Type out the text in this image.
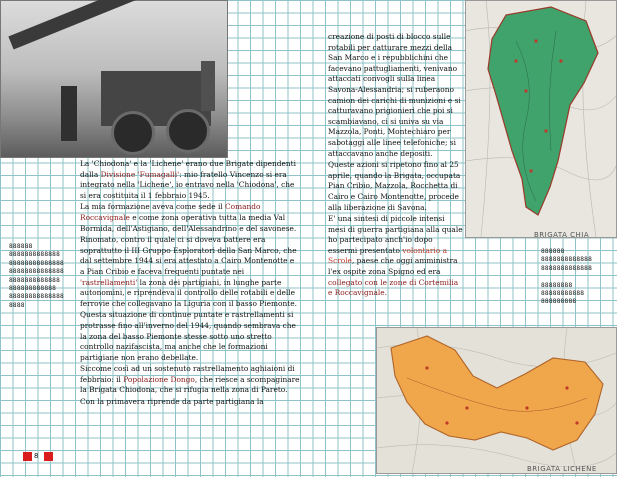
BRIGATA CHIA
BRIGATA LICHENE

La 'Chiodona' e la 'Lichene' erano due Brigate dipendenti dalla Divisione 'Fumagalli': mio fratello Vincenzo si era integrato nella 'Lichene', io entravo nella 'Chiodona', che si era costituita il 1 febbraio 1945.

La mia formazione aveva come sede il Comando Roccavignale e come zona operativa tutta la media Val Bormida, dell'Astigiano, dell'Alessandrino e del savonese.

Rinomato, contro il quale ci si doveva battere era soprattutto il III Gruppo Esploratori della San Marco, che dal settembre 1944 si era attestato a Cairo Montenotte e a Pian Cribio e faceva frequenti puntate nei 'rastrellamenti' la zona dei partigiani, in lunghe parte autonomini, e riprendeva il controllo delle rotabili e delle ferrovie che collegavano la Liguria con il basso Piemonte.

Questa situazione di continue puntate e rastrellamenti si protrasse fino all'inverno del 1944, quando sembrava che la zona del basso Piemonte stesse sotto uno stretto controllo nazifascista, ma anche che le formazioni partigiane non erano debellate.

Siccome così ad un sostenuto rastrellamento aghiaioni di febbraio: il Popolazione Dongo, che riesce a scompaginare la Brigata Chiodona, che si rifugia nella zona di Pareto.

Con la primavera riprende da parte partigiana la

creazione di posti di blocco sulle rotabili per catturare mezzi della San Marco e i repubblichini che facevano pattugliamenti, venivano attaccati convogli sulla linea Savona-Alessandria; si ruberaono camion dei carichi di munizioni e si catturavano prigionieri che poi si scambiavano, ci si univa su via Mazzola, Ponti, Montechiaro per sabotaggi alle linee telefoniche; si attaccavano anche depositi.

Queste azioni si ripetono fino al 25 aprile, quando la Brigata, occupata Pian Cribio, Mazzola, Rocchetta di Cairo e Cairo Montenotte, procede alla liberazione di Savona.

E' una sintesi di piccole intensi mesi di guerra partigiana alla quale ho partecipato anch'io dopo essermi presentato volontario a Scrole, paese che oggi amministra l'ex ospite zona Spigno ed era collegato con le zone di Cortemilia e Roccavignale.

888888
8888888888888
88888888888888
88888888888888
8888888888888
888888888888
88888888888888
8888
888888
8888888888888
8888888888888

88888888
88888888888
888888888
8
